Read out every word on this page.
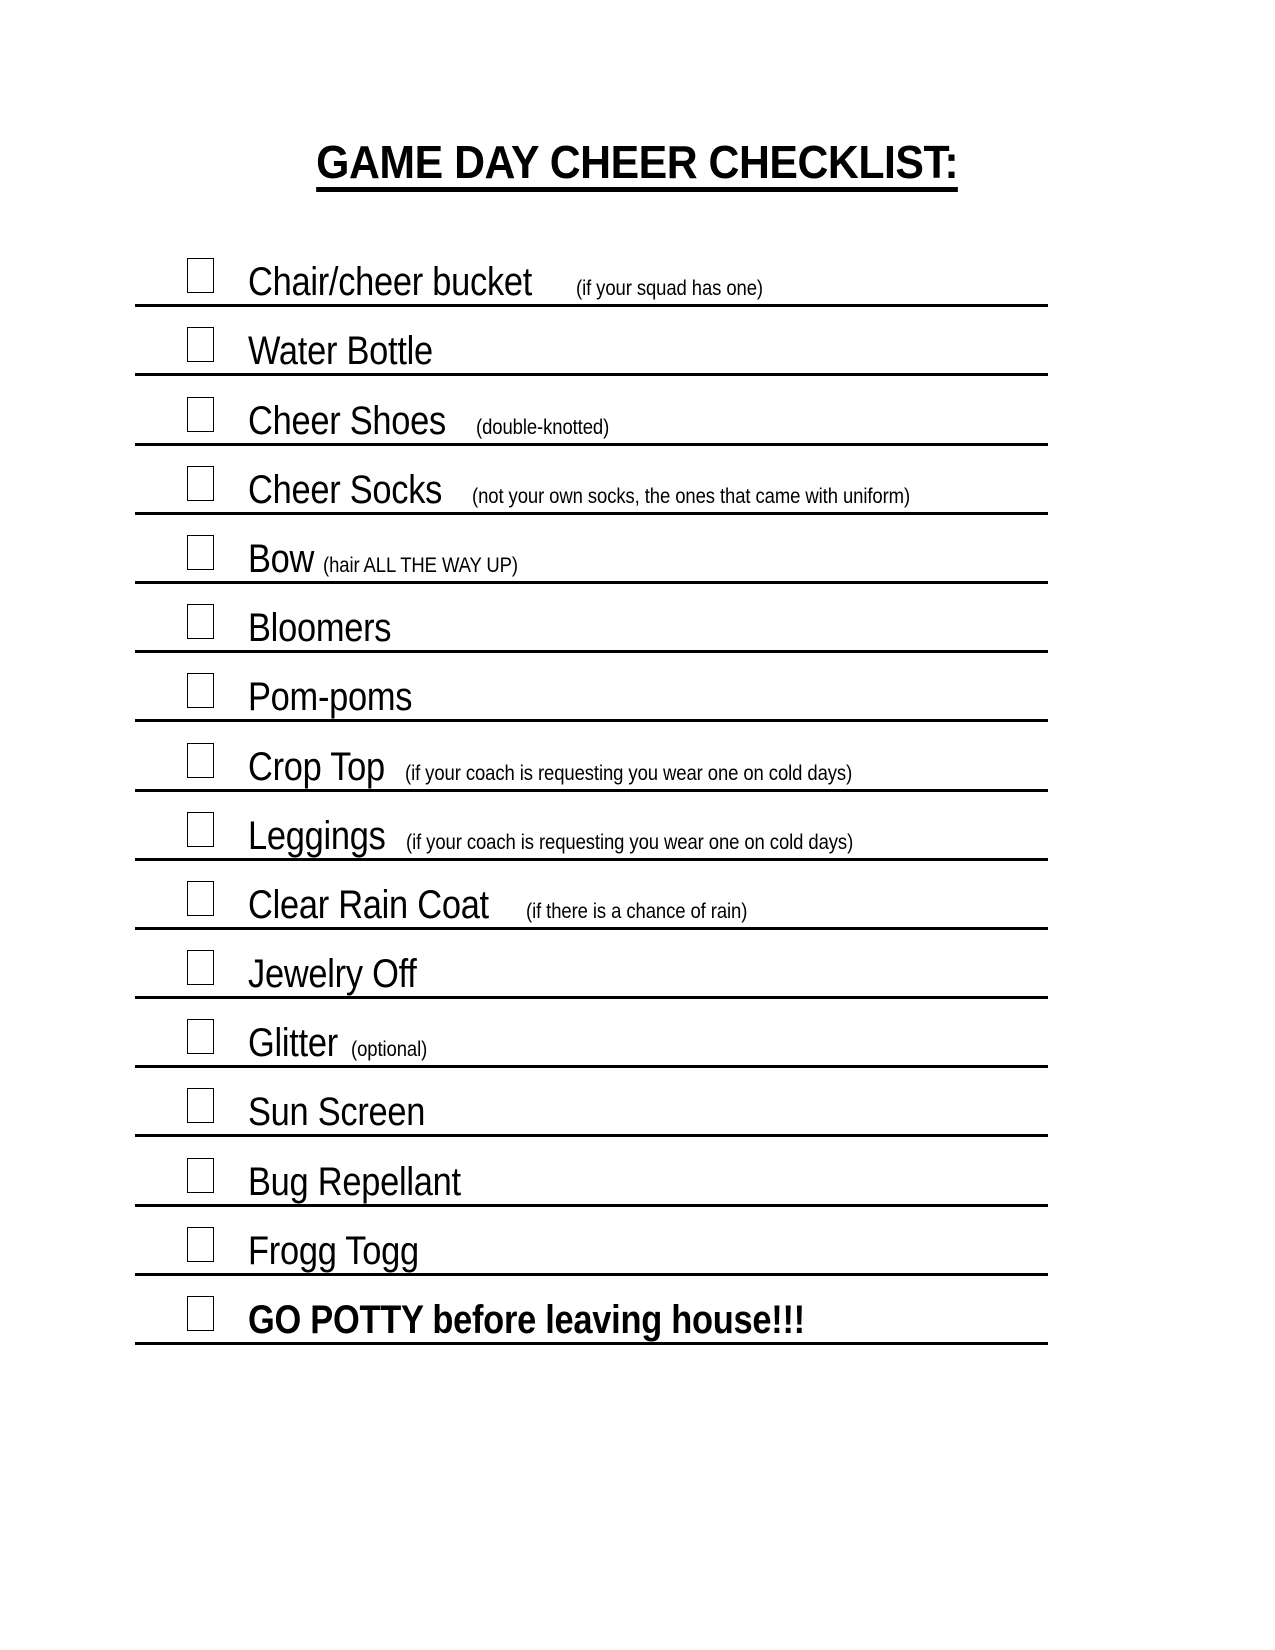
GAME DAY CHEER CHECKLIST:
Chair/cheer bucket (if your squad has one)
Water Bottle
Cheer Shoes (double-knotted)
Cheer Socks (not your own socks, the ones that came with uniform)
Bow (hair ALL THE WAY UP)
Bloomers
Pom-poms
Crop Top (if your coach is requesting you wear one on cold days)
Leggings (if your coach is requesting you wear one on cold days)
Clear Rain Coat (if there is a chance of rain)
Jewelry Off
Glitter (optional)
Sun Screen
Bug Repellant
Frogg Togg
GO POTTY before leaving house!!!
